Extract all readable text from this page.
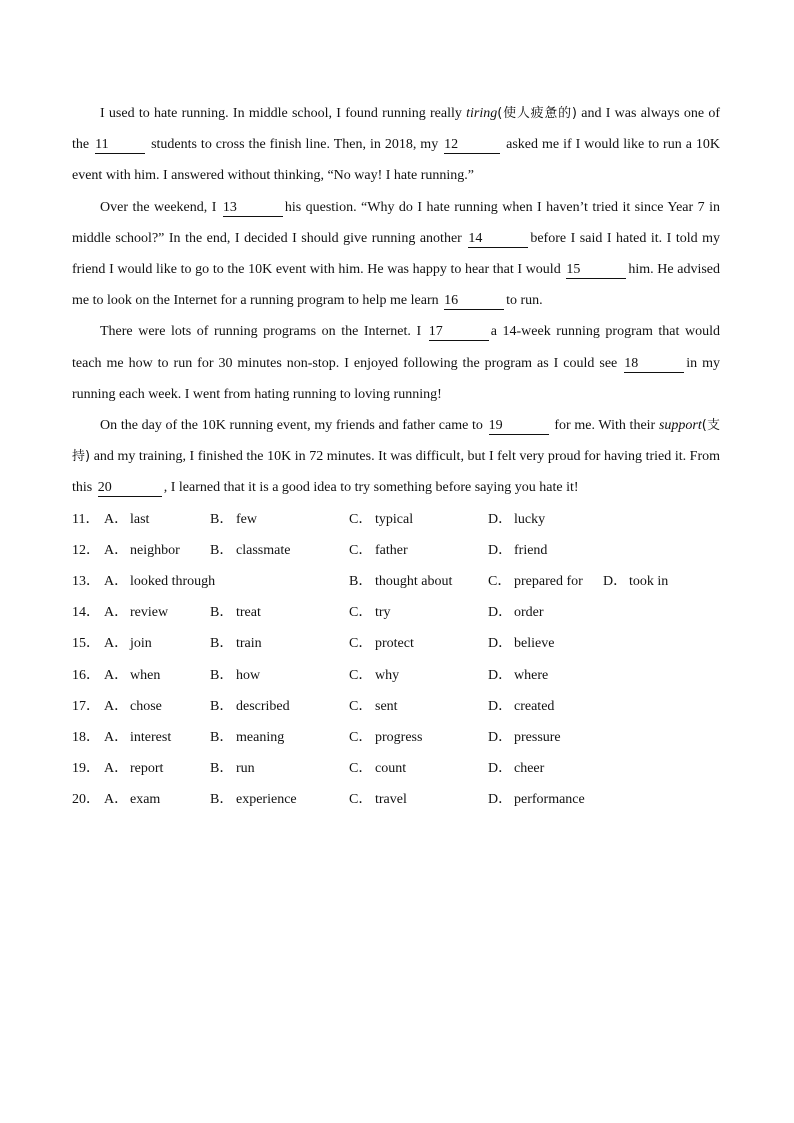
I used to hate running. In middle school, I found running really tiring(使人疲惫的) and I was always one of the 11	students to cross the finish line. Then, in 2018, my 12	asked me if I would like to run a 10K event with him. I answered without thinking, “No way! I hate running.”

Over the weekend, I 13	his question. “Why do I hate running when I haven’t tried it since Year 7 in middle school?” In the end, I decided I should give running another 14	before I said I hated it. I told my friend I would like to go to the 10K event with him. He was happy to hear that I would 15	him. He advised me to look on the Internet for a running program to help me learn 16	to run.

There were lots of running programs on the Internet. I 17	a 14-week running program that would teach me how to run for 30 minutes non-stop. I enjoyed following the program as I could see 18	in my running each week. I went from hating running to loving running!

On the day of the 10K running event, my friends and father came to 19	for me. With their support(支持) and my training, I finished the 10K in 72 minutes. It was difficult, but I felt very proud for having tried it. From this 20	, I learned that it is a good idea to try something before saying you hate it!

11． A． last	B． few	C． typical	D． lucky
12． A． neighbor B． classmate	C． father	D． friend
13． A． looked through	B． thought about	C． prepared for D． took in
14． A． review	B． treat	C． try	D． order
15． A． join	B． train	C． protect	D． believe
16． A． when	B． how	C． why	D． where
17． A． chose	B． described	C． sent	D． created
18． A． interest	B． meaning	C． progress	D． pressure
19． A． report	B． run	C． count	D． cheer
20． A． exam	B． experience	C． travel	D． performance
